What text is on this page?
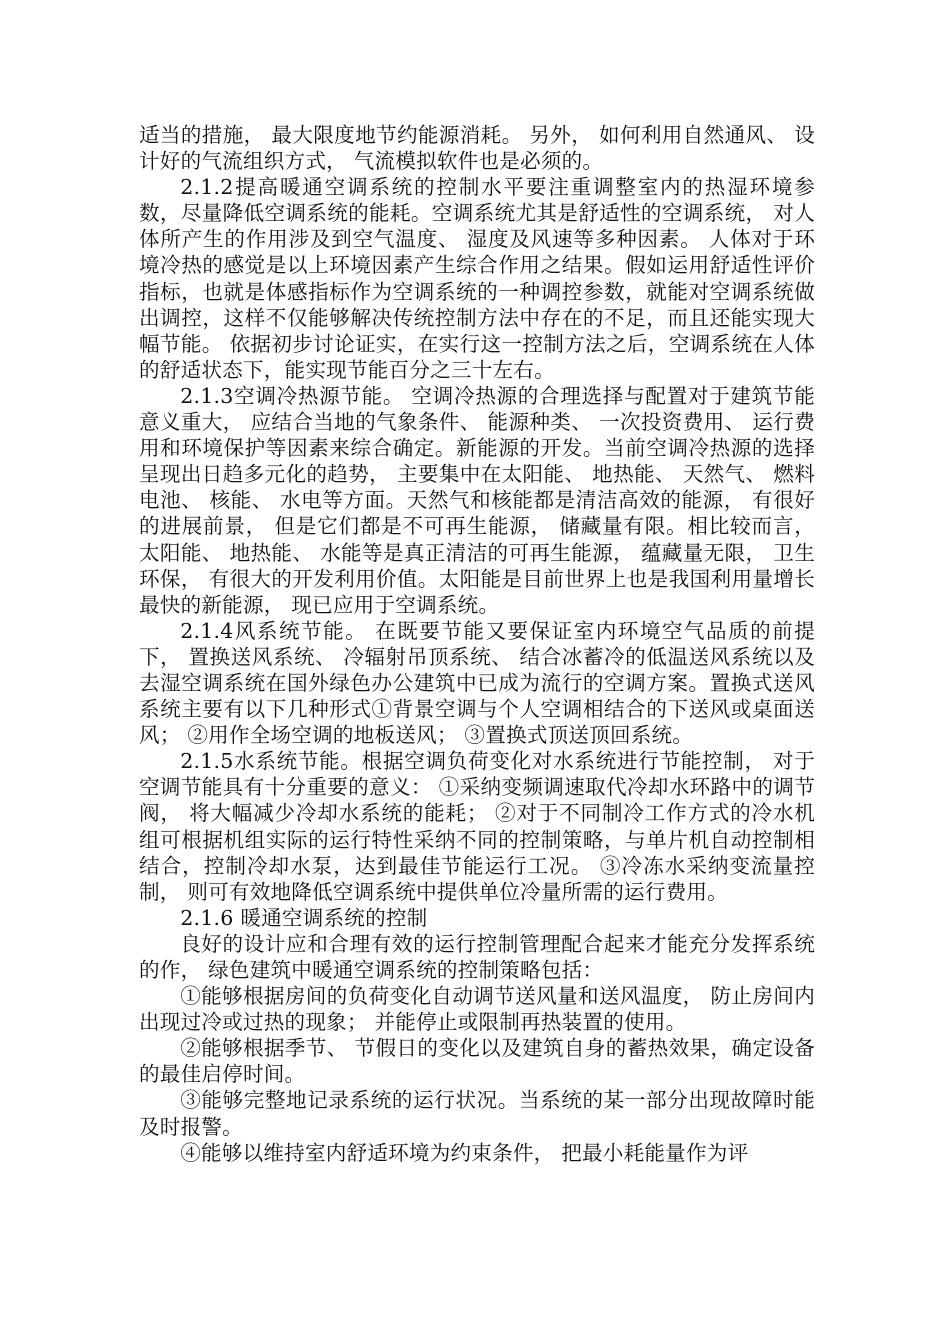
适当的措施， 最大限度地节约能源消耗。 另外， 如何利用自然通风、 设计好的气流组织方式， 气流模拟软件也是必须的。

2.1.2提高暖通空调系统的控制水平要注重调整室内的热湿环境参数，尽量降低空调系统的能耗。空调系统尤其是舒适性的空调系统， 对人体所产生的作用涉及到空气温度、 湿度及风速等多种因素。 人体对于环境冷热的感觉是以上环境因素产生综合作用之结果。假如运用舒适性评价指标，也就是体感指标作为空调系统的一种调控参数，就能对空调系统做出调控，这样不仅能够解决传统控制方法中存在的不足，而且还能实现大幅节能。 依据初步讨论证实，在实行这一控制方法之后，空调系统在人体的舒适状态下，能实现节能百分之三十左右。

2.1.3空调冷热源节能。 空调冷热源的合理选择与配置对于建筑节能意义重大， 应结合当地的气象条件、 能源种类、 一次投资费用、 运行费用和环境保护等因素来综合确定。新能源的开发。当前空调冷热源的选择呈现出日趋多元化的趋势， 主要集中在太阳能、 地热能、 天然气、 燃料电池、 核能、 水电等方面。天然气和核能都是清洁高效的能源， 有很好的进展前景， 但是它们都是不可再生能源， 储藏量有限。相比较而言， 太阳能、 地热能、 水能等是真正清洁的可再生能源， 蕴藏量无限， 卫生环保， 有很大的开发利用价值。太阳能是目前世界上也是我国利用量增长最快的新能源， 现已应用于空调系统。

2.1.4风系统节能。 在既要节能又要保证室内环境空气品质的前提下， 置换送风系统、 冷辐射吊顶系统、 结合冰蓄冷的低温送风系统以及去湿空调系统在国外绿色办公建筑中已成为流行的空调方案。置换式送风系统主要有以下几种形式①背景空调与个人空调相结合的下送风或桌面送风； ②用作全场空调的地板送风； ③置换式顶送顶回系统。

2.1.5水系统节能。根据空调负荷变化对水系统进行节能控制， 对于空调节能具有十分重要的意义： ①采纳变频调速取代冷却水环路中的调节阀， 将大幅减少冷却水系统的能耗； ②对于不同制冷工作方式的冷水机组可根据机组实际的运行特性采纳不同的控制策略，与单片机自动控制相结合，控制冷却水泵，达到最佳节能运行工况。 ③冷冻水采纳变流量控制， 则可有效地降低空调系统中提供单位冷量所需的运行费用。

2.1.6 暖通空调系统的控制

良好的设计应和合理有效的运行控制管理配合起来才能充分发挥系统的作， 绿色建筑中暖通空调系统的控制策略包括：

①能够根据房间的负荷变化自动调节送风量和送风温度， 防止房间内出现过冷或过热的现象； 并能停止或限制再热装置的使用。

②能够根据季节、 节假日的变化以及建筑自身的蓄热效果，确定设备的最佳启停时间。

③能够完整地记录系统的运行状况。当系统的某一部分出现故障时能及时报警。

④能够以维持室内舒适环境为约束条件， 把最小耗能量作为评
